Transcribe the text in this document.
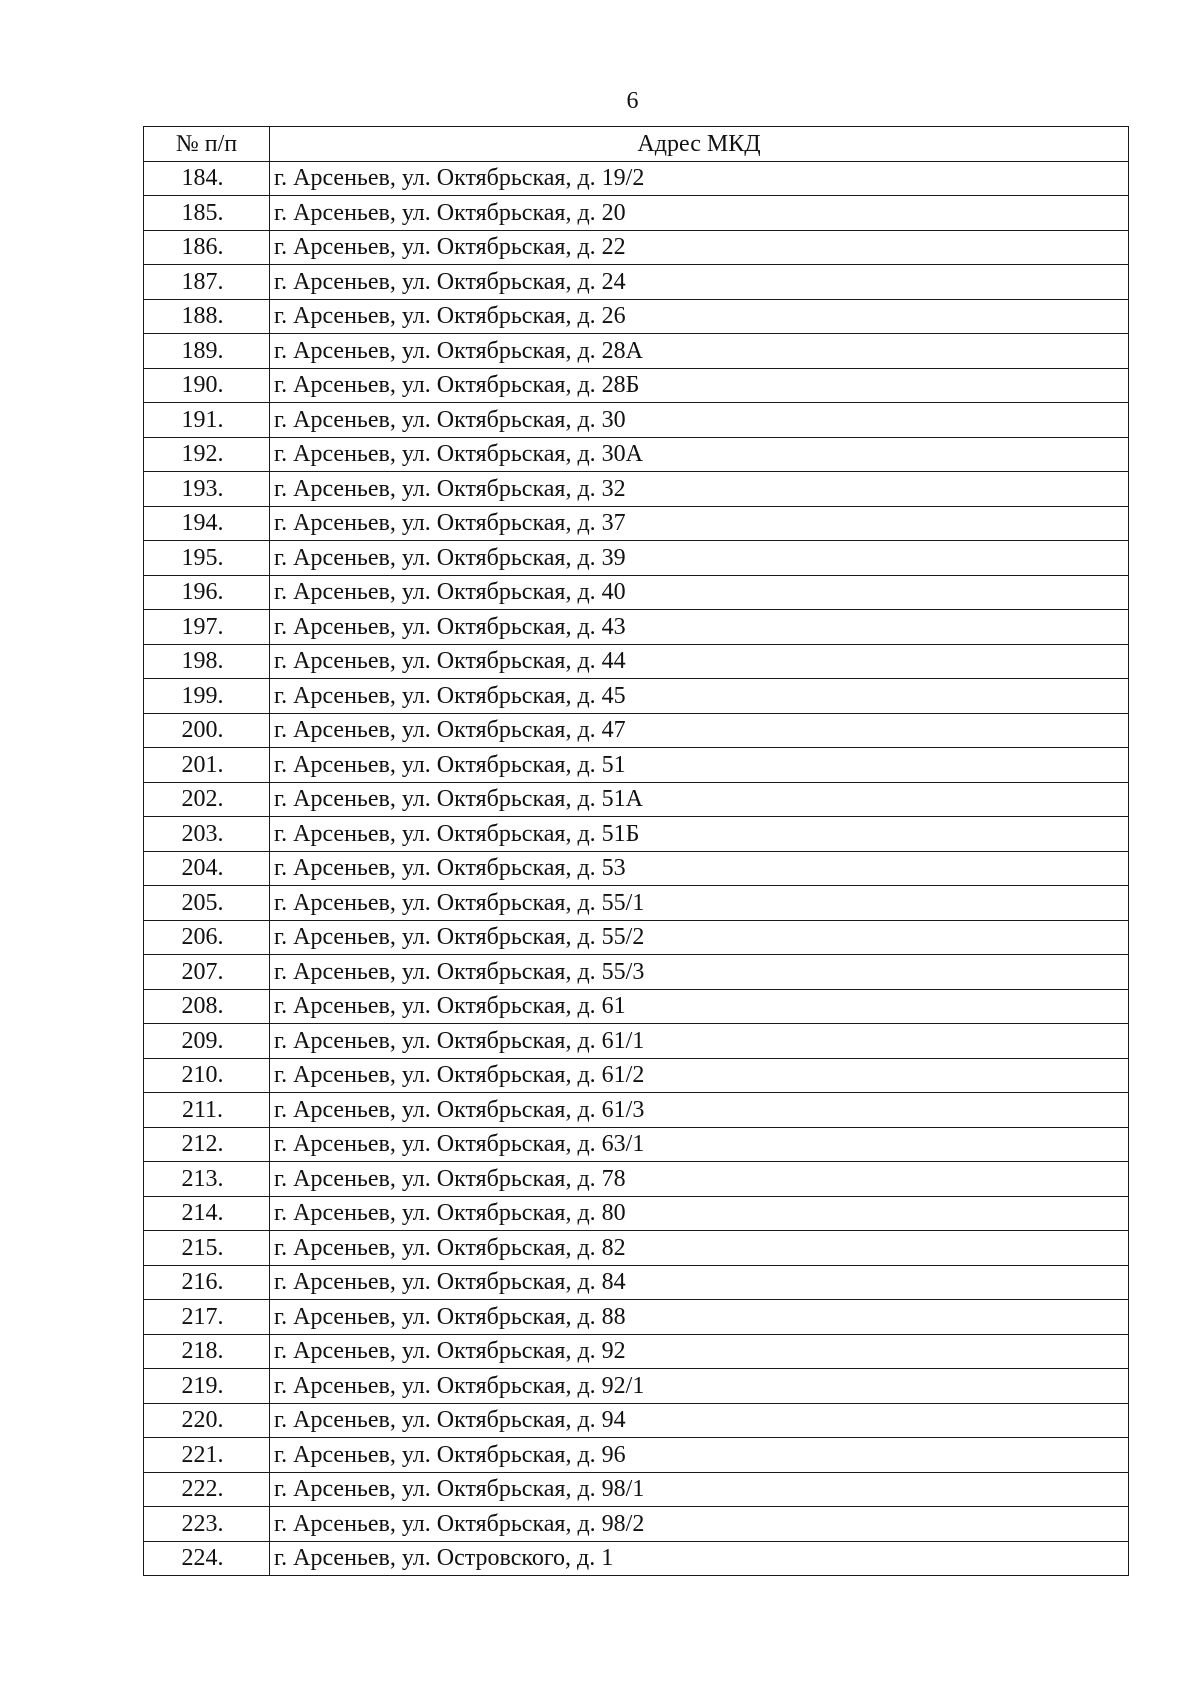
6
№ п/п	Адрес МКД
184.	г. Арсеньев, ул. Октябрьская, д. 19/2
185.	г. Арсеньев, ул. Октябрьская, д. 20
186.	г. Арсеньев, ул. Октябрьская, д. 22
187.	г. Арсеньев, ул. Октябрьская, д. 24
188.	г. Арсеньев, ул. Октябрьская, д. 26
189.	г. Арсеньев, ул. Октябрьская, д. 28А
190.	г. Арсеньев, ул. Октябрьская, д. 28Б
191.	г. Арсеньев, ул. Октябрьская, д. 30
192.	г. Арсеньев, ул. Октябрьская, д. 30А
193.	г. Арсеньев, ул. Октябрьская, д. 32
194.	г. Арсеньев, ул. Октябрьская, д. 37
195.	г. Арсеньев, ул. Октябрьская, д. 39
196.	г. Арсеньев, ул. Октябрьская, д. 40
197.	г. Арсеньев, ул. Октябрьская, д. 43
198.	г. Арсеньев, ул. Октябрьская, д. 44
199.	г. Арсеньев, ул. Октябрьская, д. 45
200.	г. Арсеньев, ул. Октябрьская, д. 47
201.	г. Арсеньев, ул. Октябрьская, д. 51
202.	г. Арсеньев, ул. Октябрьская, д. 51А
203.	г. Арсеньев, ул. Октябрьская, д. 51Б
204.	г. Арсеньев, ул. Октябрьская, д. 53
205.	г. Арсеньев, ул. Октябрьская, д. 55/1
206.	г. Арсеньев, ул. Октябрьская, д. 55/2
207.	г. Арсеньев, ул. Октябрьская, д. 55/3
208.	г. Арсеньев, ул. Октябрьская, д. 61
209.	г. Арсеньев, ул. Октябрьская, д. 61/1
210.	г. Арсеньев, ул. Октябрьская, д. 61/2
211.	г. Арсеньев, ул. Октябрьская, д. 61/3
212.	г. Арсеньев, ул. Октябрьская, д. 63/1
213.	г. Арсеньев, ул. Октябрьская, д. 78
214.	г. Арсеньев, ул. Октябрьская, д. 80
215.	г. Арсеньев, ул. Октябрьская, д. 82
216.	г. Арсеньев, ул. Октябрьская, д. 84
217.	г. Арсеньев, ул. Октябрьская, д. 88
218.	г. Арсеньев, ул. Октябрьская, д. 92
219.	г. Арсеньев, ул. Октябрьская, д. 92/1
220.	г. Арсеньев, ул. Октябрьская, д. 94
221.	г. Арсеньев, ул. Октябрьская, д. 96
222.	г. Арсеньев, ул. Октябрьская, д. 98/1
223.	г. Арсеньев, ул. Октябрьская, д. 98/2
224.	г. Арсеньев, ул. Островского, д. 1
